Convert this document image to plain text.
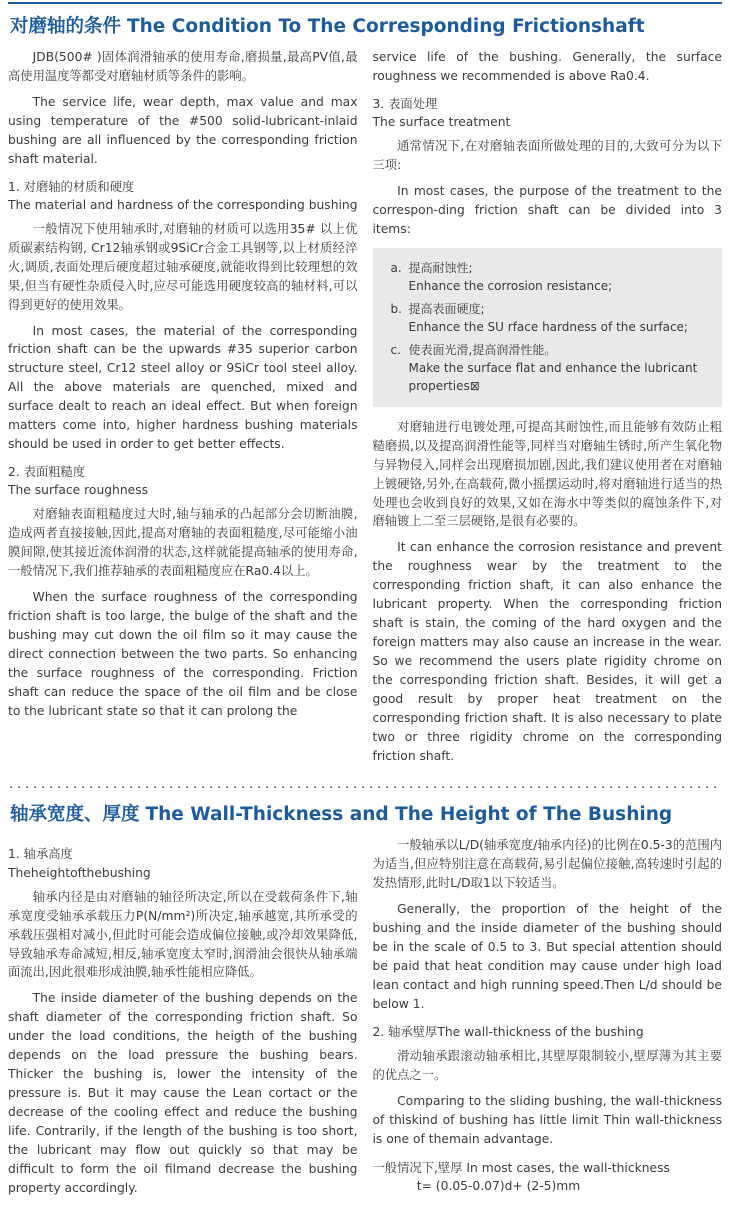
对磨轴的条件 The Condition To The Corresponding Frictionshaft

JDB(500# )固体润滑轴承的使用寿命,磨损量,最高PV值,最高使用温度等都受对磨轴材质等条件的影响。

The service life, wear depth, max value and max using temperature of the #500 solid-lubricant-inlaid bushing are all influenced by the corresponding friction shaft material.

1. 对磨轴的材质和硬度
The material and hardness of the corresponding bushing

一般情况下使用轴承时,对磨轴的材质可以选用35# 以上优质碳素结构钢, Cr12轴承钢或9SiCr合金工具钢等,以上材质经淬火,调质,表面处理后硬度超过轴承硬度,就能收得到比较理想的效果,但当有硬性杂质侵入时,应尽可能选用硬度较高的轴材料,可以得到更好的使用效果。

In most cases, the material of the corresponding friction shaft can be the upwards #35 superior carbon structure steel, Cr12 steel alloy or 9SiCr tool steel alloy. All the above materials are quenched, mixed and surface dealt to reach an ideal effect. But when foreign matters come into, higher hardness bushing materials should be used in order to get better effects.

2. 表面粗糙度
The surface roughness

对磨轴表面粗糙度过大时,轴与轴承的凸起部分会切断油膜,造成两者直接接触,因此,提高对磨轴的表面粗糙度,尽可能缩小油膜间隙,使其接近流体润滑的状态,这样就能提高轴承的使用寿命,一般情况下,我们推荐轴承的表面粗糙度应在Ra0.4以上。

When the surface roughness of the corresponding friction shaft is too large, the bulge of the shaft and the bushing may cut down the oil film so it may cause the direct connection between the two parts. So enhancing the surface roughness of the corresponding. Friction shaft can reduce the space of the oil film and be close to the lubricant state so that it can prolong the

service life of the bushing. Generally, the surface roughness we recommended is above Ra0.4.

3. 表面处理
The surface treatment

通常情况下,在对磨轴表面所做处理的目的,大致可分为以下三项:

In most cases, the purpose of the treatment to the correspon-ding friction shaft can be divided into 3 items:

a. 提高耐蚀性;
Enhance the corrosion resistance;
b. 提高表面硬度;
Enhance the SU rface hardness of the surface;
c. 使表面光滑,提高润滑性能。
Make the surface flat and enhance the lubricant properties⊠

对磨轴进行电镀处理,可提高其耐蚀性,而且能够有效防止粗糙磨损,以及提高润滑性能等,同样当对磨轴生锈时,所产生氧化物与异物侵入,同样会出现磨损加剧,因此,我们建议使用者在对磨轴上镀硬铬,另外,在高载荷,微小摇摆运动时,将对磨轴进行适当的热处理也会收到良好的效果,又如在海水中等类似的腐蚀条件下,对磨轴镀上二至三层硬铬,是很有必要的。

It can enhance the corrosion resistance and prevent the roughness wear by the treatment to the corresponding friction shaft, it can also enhance the lubricant property. When the corresponding friction shaft is stain, the coming of the hard oxygen and the foreign matters may also cause an increase in the wear. So we recommend the users plate rigidity chrome on the corresponding friction shaft. Besides, it will get a good result by proper heat treatment on the corresponding friction shaft. It is also necessary to plate two or three rigidity chrome on the corresponding friction shaft.

轴承宽度、厚度 The Wall-Thickness and The Height of The Bushing
1. 轴承高度
Theheightofthebushing

轴承内径是由对磨轴的轴径所决定,所以在受载荷条件下,轴承宽度受轴承承载压力P(N/mm²)所决定,轴承越宽,其所承受的承载压强相对减小,但此时可能会造成偏位接触,或冷却效果降低,导致轴承寿命减短,相反,轴承宽度太窄时,润滑油会很快从轴承端面流出,因此很难形成油膜,轴承性能相应降低。

The inside diameter of the bushing depends on the shaft diameter of the corresponding friction shaft. So under the load conditions, the heigth of the bushing depends on the load pressure the bushing bears. Thicker the bushing is, lower the intensity of the pressure is. But it may cause the Lean cortact or the decrease of the cooling effect and reduce the bushing life. Contrarily, if the length of the bushing is too short, the lubricant may flow out quickly so that may be difficult to form the oil filmand decrease the bushing property accordingly.

一般轴承以L/D(轴承宽度/轴承内径)的比例在0.5-3的范围内为适当,但应特别注意在高载荷,易引起偏位接触,高转速时引起的发热情形,此时L/D取1以下较适当。

Generally, the proportion of the height of the bushing and the inside diameter of the bushing should be in the scale of 0.5 to 3. But special attention should be paid that heat condition may cause under high load lean contact and high running speed.Then L/d should be below 1.

2. 轴承壁厚The wall-thickness of the bushing

滑动轴承跟滚动轴承相比,其壁厚限制较小,壁厚薄为其主要的优点之一。

Comparing to the sliding bushing, the wall-thickness of thiskind of bushing has little limit Thin wall-thickness is one of themain advantage.

一般情况下,壁厚 In most cases, the wall-thickness
t= (0.05-0.07)d+ (2-5)mm
